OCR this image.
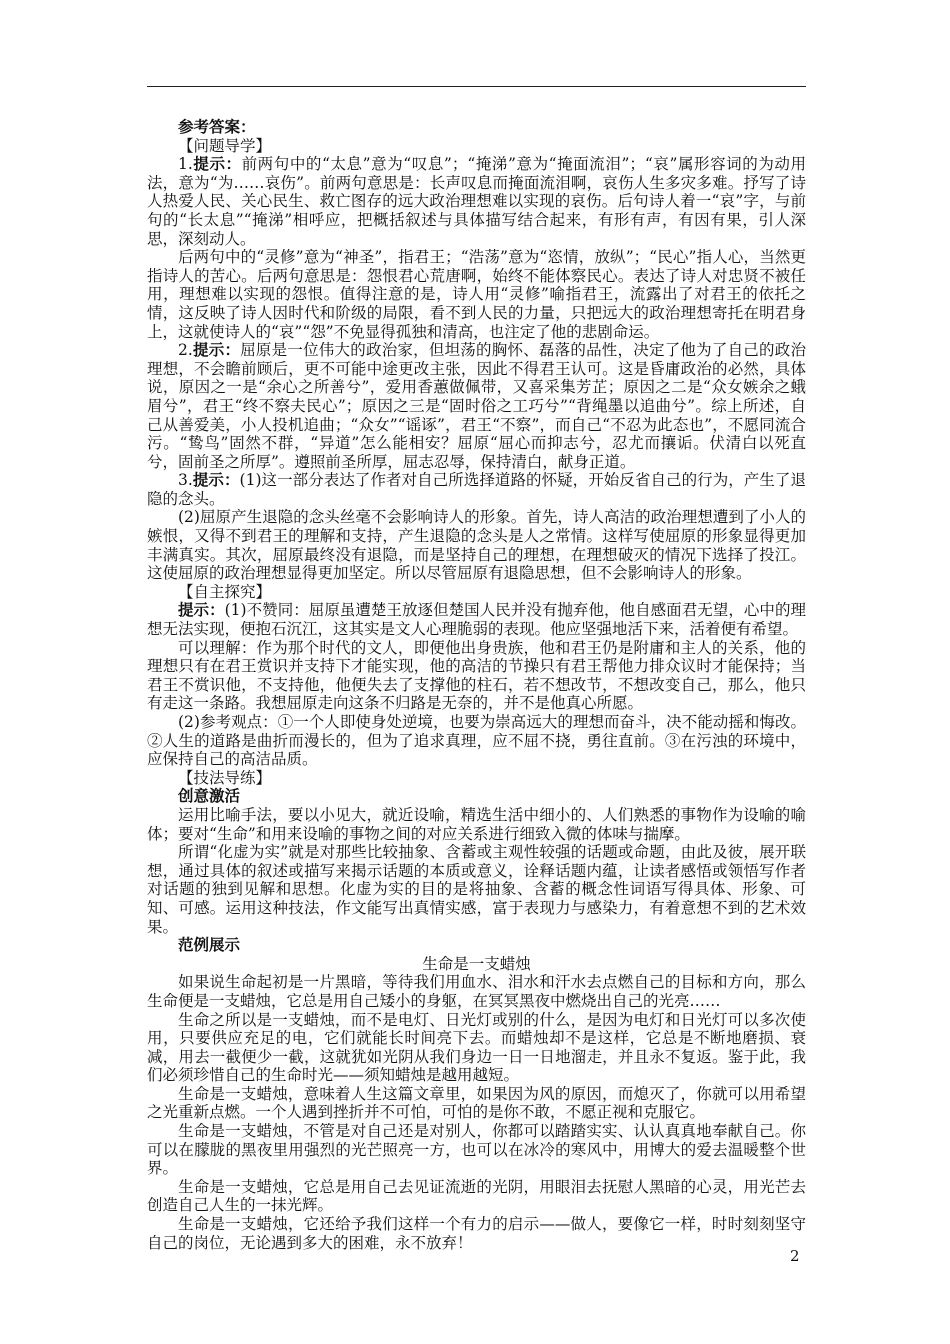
参考答案：

【问题导学】

1.提示：前两句中的“太息”意为“叹息”；“掩涕”意为“掩面流泪”；“哀”属形容词的为动用法，意为“为……哀伤”。前两句意思是：长声叹息而掩面流泪啊，哀伤人生多灾多难。抒写了诗人热爱人民、关心民生、救亡图存的远大政治理想难以实现的哀伤。后句诗人着一“哀”字，与前句的“长太息”“掩涕”相呼应，把概括叙述与具体描写结合起来，有形有声，有因有果，引人深思，深刻动人。

后两句中的“灵修”意为“神圣”，指君王；“浩荡”意为“恣情，放纵”；“民心”指人心，当然更指诗人的苦心。后两句意思是：怨恨君心荒唐啊，始终不能体察民心。表达了诗人对忠贤不被任用，理想难以实现的怨恨。值得注意的是，诗人用“灵修”喻指君王，流露出了对君王的依托之情，这反映了诗人因时代和阶级的局限，看不到人民的力量，只把远大的政治理想寄托在明君身上，这就使诗人的“哀”“怨”不免显得孤独和清高，也注定了他的悲剧命运。

2.提示：屈原是一位伟大的政治家，但坦荡的胸怀、磊落的品性，决定了他为了自己的政治理想，不会瞻前顾后，更不可能中途更改主张，因此不得君王认可。这是昏庸政治的必然，具体说，原因之一是“余心之所善兮”，爱用香蕙做佩带，又喜采集芳芷；原因之二是“众女嫉余之蛾眉兮”，君王“终不察夫民心”；原因之三是“固时俗之工巧兮”“背绳墨以追曲兮”。综上所述，自己从善爱美，小人投机追曲；“众女”“谣诼”，君王“不察”，而自己“不忍为此态也”，不愿同流合污。“鸷鸟”固然不群，“异道”怎么能相安？屈原“屈心而抑志兮，忍尤而攘诟。伏清白以死直兮，固前圣之所厚”。遵照前圣所厚，屈志忍辱，保持清白，献身正道。

3.提示：(1)这一部分表达了作者对自己所选择道路的怀疑，开始反省自己的行为，产生了退隐的念头。

(2)屈原产生退隐的念头丝毫不会影响诗人的形象。首先，诗人高洁的政治理想遭到了小人的嫉恨，又得不到君王的理解和支持，产生退隐的念头是人之常情。这样写使屈原的形象显得更加丰满真实。其次，屈原最终没有退隐，而是坚持自己的理想，在理想破灭的情况下选择了投江。这使屈原的政治理想显得更加坚定。所以尽管屈原有退隐思想，但不会影响诗人的形象。

【自主探究】

提示：(1)不赞同：屈原虽遭楚王放逐但楚国人民并没有抛弃他，他自感面君无望，心中的理想无法实现，便抱石沉江，这其实是文人心理脆弱的表现。他应坚强地活下来，活着便有希望。

可以理解：作为那个时代的文人，即便他出身贵族，他和君王仍是附庸和主人的关系，他的理想只有在君王赏识并支持下才能实现，他的高洁的节操只有君王帮他力排众议时才能保持；当君王不赏识他，不支持他，他便失去了支撑他的柱石，若不想改节，不想改变自己，那么，他只有走这一条路。我想屈原走向这条不归路是无奈的，并不是他真心所愿。

(2)参考观点：①一个人即使身处逆境，也要为崇高远大的理想而奋斗，决不能动摇和悔改。②人生的道路是曲折而漫长的，但为了追求真理，应不屈不挠，勇往直前。③在污浊的环境中，应保持自己的高洁品质。

【技法导练】

创意激活

运用比喻手法，要以小见大，就近设喻，精选生活中细小的、人们熟悉的事物作为设喻的喻体；要对“生命”和用来设喻的事物之间的对应关系进行细致入微的体味与揣摩。

所谓“化虚为实”就是对那些比较抽象、含蓄或主观性较强的话题或命题，由此及彼，展开联想，通过具体的叙述或描写来揭示话题的本质或意义，诠释话题内蕴，让读者感悟或领悟写作者对话题的独到见解和思想。化虚为实的目的是将抽象、含蓄的概念性词语写得具体、形象、可知、可感。运用这种技法，作文能写出真情实感，富于表现力与感染力，有着意想不到的艺术效果。

范例展示

生命是一支蜡烛

如果说生命起初是一片黑暗，等待我们用血水、泪水和汗水去点燃自己的目标和方向，那么生命便是一支蜡烛，它总是用自己矮小的身躯，在冥冥黑夜中燃烧出自己的光亮……

生命之所以是一支蜡烛，而不是电灯、日光灯或别的什么，是因为电灯和日光灯可以多次使用，只要供应充足的电，它们就能长时间亮下去。而蜡烛却不是这样，它总是不断地磨损、衰减，用去一截便少一截，这就犹如光阴从我们身边一日一日地溜走，并且永不复返。鉴于此，我们必须珍惜自己的生命时光——须知蜡烛是越用越短。

生命是一支蜡烛，意味着人生这篇文章里，如果因为风的原因，而熄灭了，你就可以用希望之光重新点燃。一个人遇到挫折并不可怕，可怕的是你不敢，不愿正视和克服它。

生命是一支蜡烛，不管是对自己还是对别人，你都可以踏踏实实、认认真真地奉献自己。你可以在朦胧的黑夜里用强烈的光芒照亮一方，也可以在冰冷的寒风中，用博大的爱去温暖整个世界。

生命是一支蜡烛，它总是用自己去见证流逝的光阴，用眼泪去抚慰人黑暗的心灵，用光芒去创造自己人生的一抹光辉。

生命是一支蜡烛，它还给予我们这样一个有力的启示——做人，要像它一样，时时刻刻坚守自己的岗位，无论遇到多大的困难，永不放弃！

2
